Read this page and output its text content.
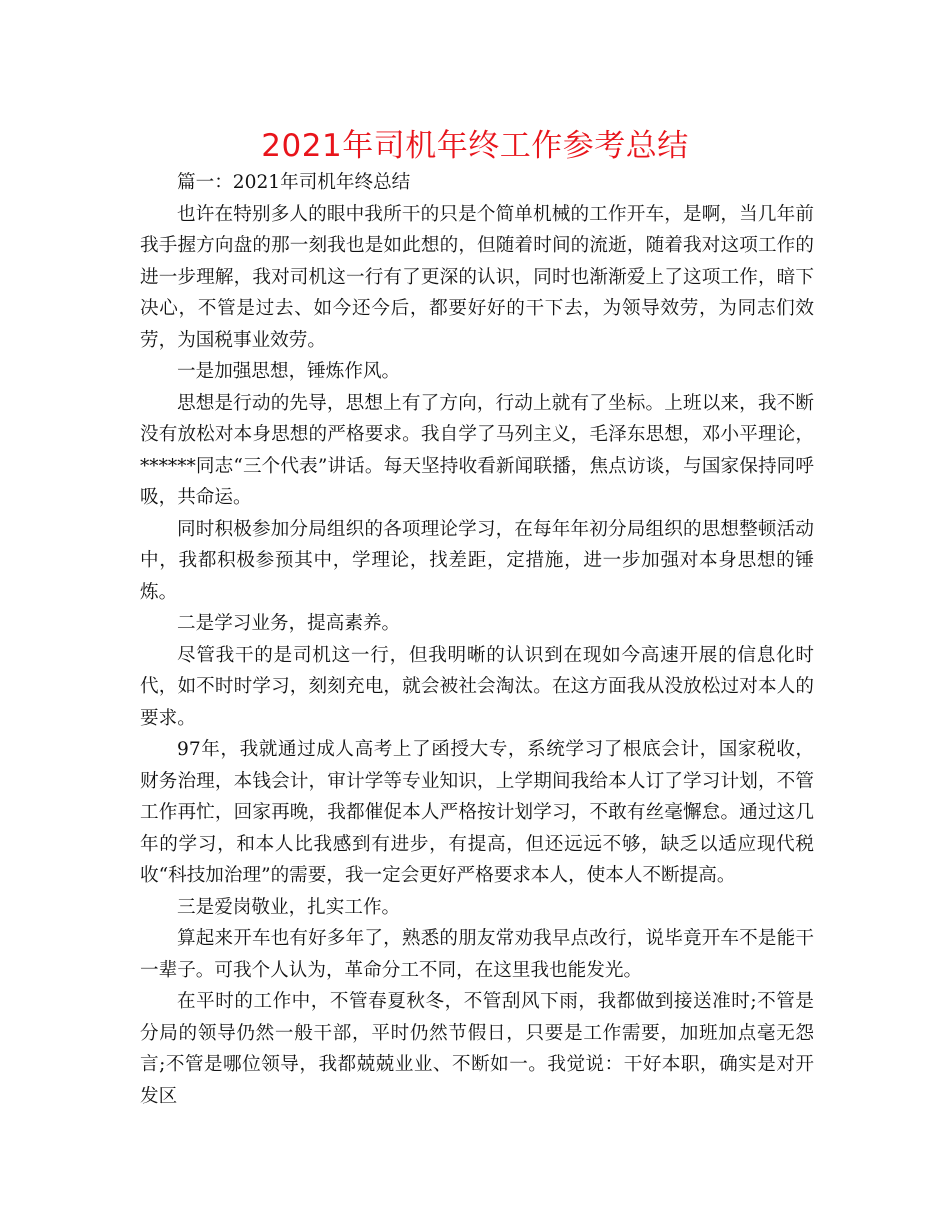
2021年司机年终工作参考总结

篇一：2021年司机年终总结

也许在特别多人的眼中我所干的只是个简单机械的工作开车，是啊，当几年前我手握方向盘的那一刻我也是如此想的，但随着时间的流逝，随着我对这项工作的进一步理解，我对司机这一行有了更深的认识，同时也渐渐爱上了这项工作，暗下决心，不管是过去、如今还今后，都要好好的干下去，为领导效劳，为同志们效劳，为国税事业效劳。

一是加强思想，锤炼作风。

思想是行动的先导，思想上有了方向，行动上就有了坐标。上班以来，我不断没有放松对本身思想的严格要求。我自学了马列主义，毛泽东思想，邓小平理论，******同志“三个代表”讲话。每天坚持收看新闻联播，焦点访谈，与国家保持同呼吸，共命运。

同时积极参加分局组织的各项理论学习，在每年年初分局组织的思想整顿活动中，我都积极参预其中，学理论，找差距，定措施，进一步加强对本身思想的锤炼。

二是学习业务，提高素养。

尽管我干的是司机这一行，但我明晰的认识到在现如今高速开展的信息化时代，如不时时学习，刻刻充电，就会被社会淘汰。在这方面我从没放松过对本人的要求。

97年，我就通过成人高考上了函授大专，系统学习了根底会计，国家税收，财务治理，本钱会计，审计学等专业知识，上学期间我给本人订了学习计划，不管工作再忙，回家再晚，我都催促本人严格按计划学习，不敢有丝毫懈怠。通过这几年的学习，和本人比我感到有进步，有提高，但还远远不够，缺乏以适应现代税收“科技加治理”的需要，我一定会更好严格要求本人，使本人不断提高。

三是爱岗敬业，扎实工作。

算起来开车也有好多年了，熟悉的朋友常劝我早点改行，说毕竟开车不是能干一辈子。可我个人认为，革命分工不同，在这里我也能发光。

在平时的工作中，不管春夏秋冬，不管刮风下雨，我都做到接送准时;不管是分局的领导仍然一般干部，平时仍然节假日，只要是工作需要，加班加点毫无怨言;不管是哪位领导，我都兢兢业业、不断如一。我觉说：干好本职，确实是对开发区
